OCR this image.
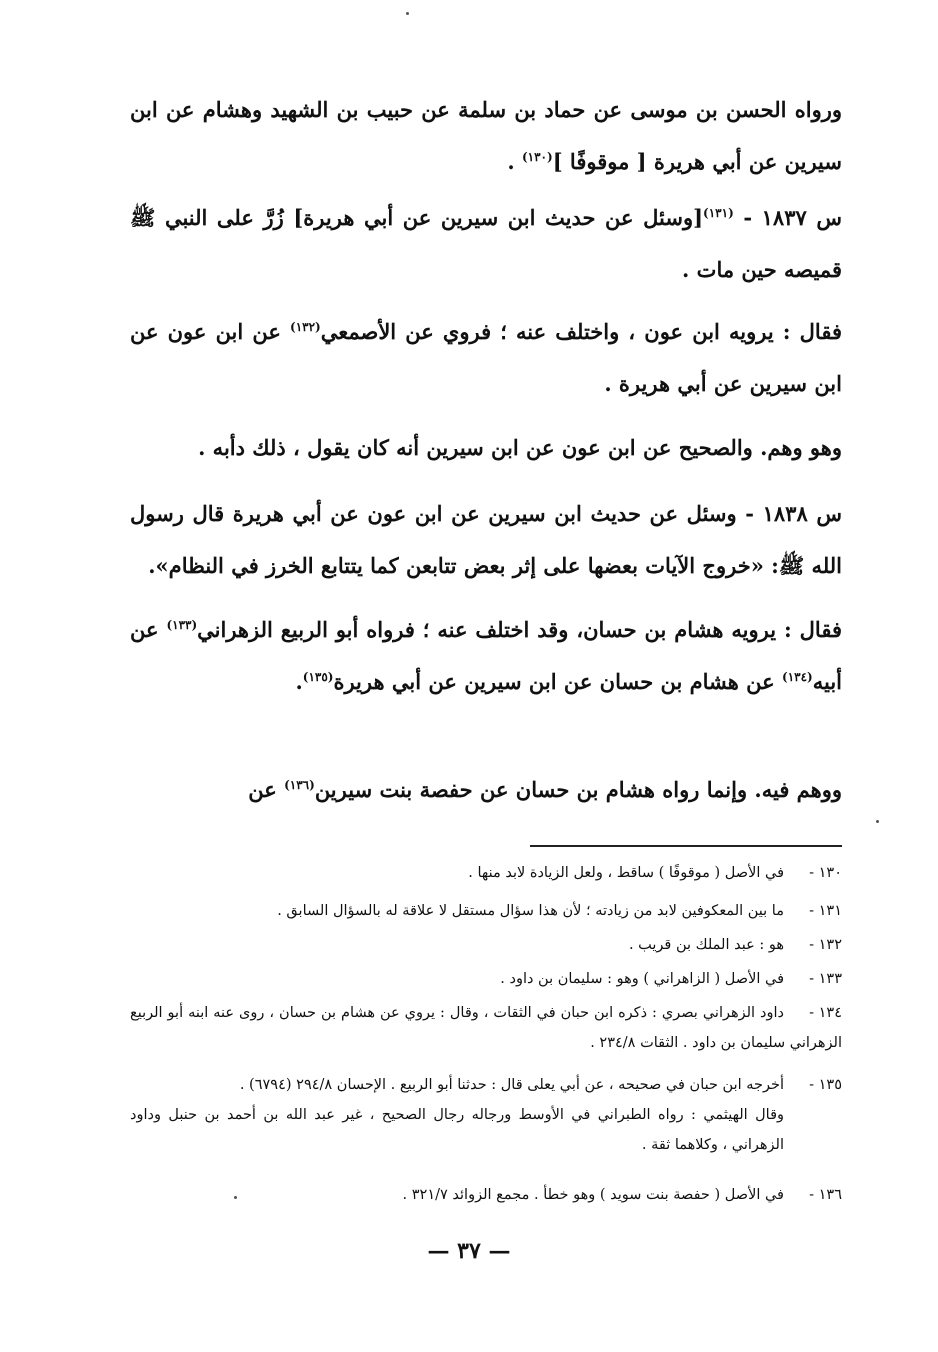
ورواه الحسن بن موسى عن حماد بن سلمة عن حبيب بن الشهيد وهشام عن ابن سيرين عن أبي هريرة [ موقوفًا ]$^{(١٣٠)}$ .

س ١٨٣٧ - $^{(١٣١)}$[وسئل عن حديث ابن سيرين عن أبي هريرة] زُرَّ على النبي ﷺ قميصه حين مات .

فقال : يرويه ابن عون ، واختلف عنه ؛ فروي عن الأصمعي$^{(١٣٢)}$ عن ابن عون عن ابن سيرين عن أبي هريرة .

وهو وهم. والصحيح عن ابن عون عن ابن سيرين أنه كان يقول ، ذلك دأبه .

س ١٨٣٨ - وسئل عن حديث ابن سيرين عن ابن عون عن أبي هريرة قال رسول الله ﷺ: «خروج الآيات بعضها على إثر بعض تتابعن كما يتتابع الخرز في النظام».

فقال : يرويه هشام بن حسان، وقد اختلف عنه ؛ فرواه أبو الربيع الزهراني$^{(١٣٣)}$ عن أبيه$^{(١٣٤)}$ عن هشام بن حسان عن ابن سيرين عن أبي هريرة$^{(١٣٥)}$.

ووهم فيه. وإنما رواه هشام بن حسان عن حفصة بنت سيرين$^{(١٣٦)}$ عن

١٣٠ -في الأصل ( موقوفًا ) ساقط ، ولعل الزيادة لابد منها .
١٣١ -ما بين المعكوفين لابد من زيادته ؛ لأن هذا سؤال مستقل لا علاقة له بالسؤال السابق .
١٣٢ -هو : عبد الملك بن قريب .
١٣٣ -في الأصل ( الزاهراني ) وهو : سليمان بن داود .
١٣٤ -داود الزهراني بصري : ذكره ابن حبان في الثقات ، وقال : يروي عن هشام بن حسان ، روى عنه ابنه أبو الربيع الزهراني سليمان بن داود . الثقات ٢٣٤/٨ .
١٣٥ -أخرجه ابن حبان في صحيحه ، عن أبي يعلى قال : حدثنا أبو الربيع . الإحسان ٢٩٤/٨ (٦٧٩٤) .
وقال الهيثمي : رواه الطبراني في الأوسط ورجاله رجال الصحيح ، غير عبد الله بن أحمد بن حنبل وداود الزهراني ، وكلاهما ثقة .
١٣٦ -في الأصل ( حفصة بنت سويد ) وهو خطأ . مجمع الزوائد ٣٢١/٧ .
— ٣٧ —
